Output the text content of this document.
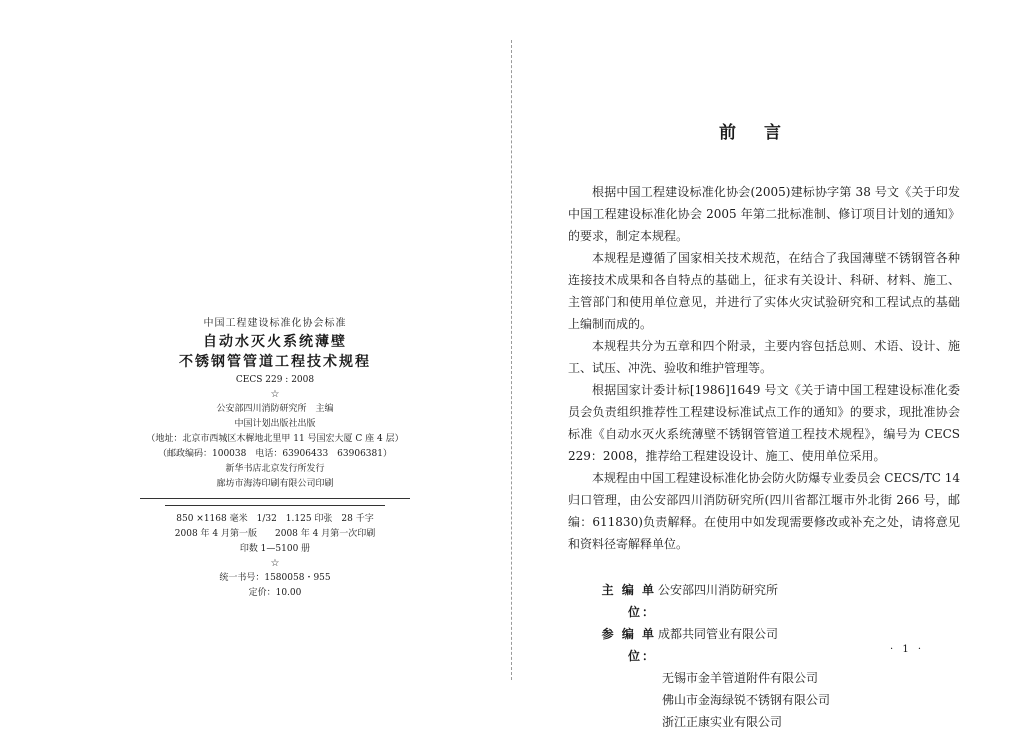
中国工程建设标准化协会标准
自动水灭火系统薄壁
不锈钢管管道工程技术规程
CECS 229 : 2008
☆
公安部四川消防研究所　主编
中国计划出版社出版
（地址：北京市西城区木樨地北里甲 11 号国宏大厦 C 座 4 层）
（邮政编码：100038　电话：63906433　63906381）
新华书店北京发行所发行
廊坊市海涛印刷有限公司印刷
850 ×1168 毫米　1/32　1.125 印张　28 千字
2008 年 4 月第一版　　2008 年 4 月第一次印刷
印数 1—5100 册
☆
统一书号：1580058・955
定价：10.00
前言

根据中国工程建设标准化协会(2005)建标协字第 38 号文《关于印发中国工程建设标准化协会 2005 年第二批标准制、修订项目计划的通知》的要求，制定本规程。

本规程是遵循了国家相关技术规范，在结合了我国薄壁不锈钢管各种连接技术成果和各自特点的基础上，征求有关设计、科研、材料、施工、主管部门和使用单位意见，并进行了实体火灾试验研究和工程试点的基础上编制而成的。

本规程共分为五章和四个附录，主要内容包括总则、术语、设计、施工、试压、冲洗、验收和维护管理等。

根据国家计委计标[1986]1649 号文《关于请中国工程建设标准化委员会负责组织推荐性工程建设标准试点工作的通知》的要求，现批准协会标准《自动水灭火系统薄壁不锈钢管管道工程技术规程》，编号为 CECS 229：2008，推荐给工程建设设计、施工、使用单位采用。

本规程由中国工程建设标准化协会防火防爆专业委员会 CECS/TC 14 归口管理，由公安部四川消防研究所(四川省都江堰市外北街 266 号，邮编：611830)负责解释。在使用中如发现需要修改或补充之处，请将意见和资料径寄解释单位。

主 编 单 位：
公安部四川消防研究所
参 编 单 位：
成都共同管业有限公司
无锡市金羊管道附件有限公司
佛山市金海绿锐不锈钢有限公司
浙江正康实业有限公司
· 1 ·
